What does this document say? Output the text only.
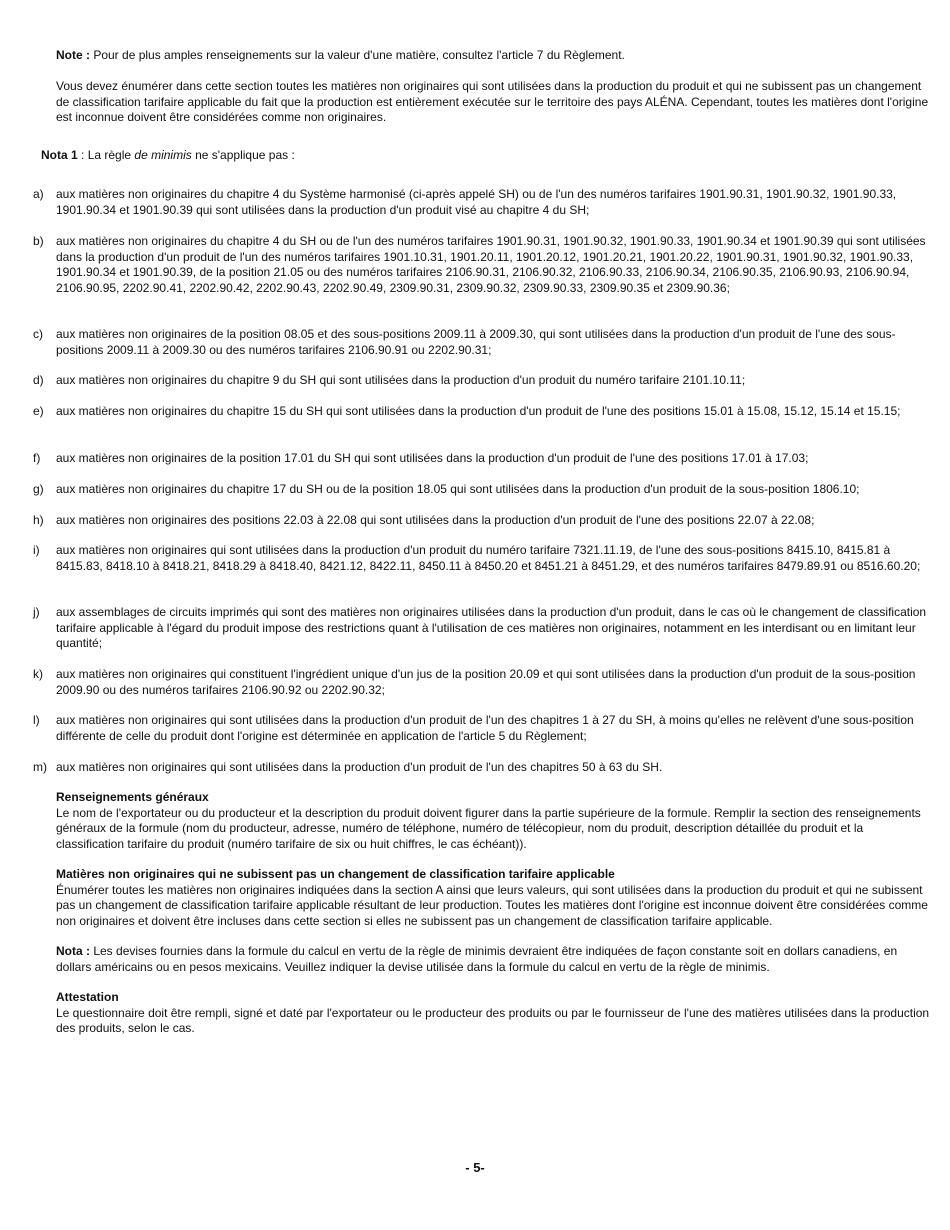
Note : Pour de plus amples renseignements sur la valeur d'une matière, consultez l'article 7 du Règlement.

Vous devez énumérer dans cette section toutes les matières non originaires qui sont utilisées dans la production du produit et qui ne subissent pas un changement de classification tarifaire applicable du fait que la production est entièrement exécutée sur le territoire des pays ALÉNA. Cependant, toutes les matières dont l'origine est inconnue doivent être considérées comme non originaires.

Nota 1 : La règle de minimis ne s'applique pas :

a) aux matières non originaires du chapitre 4 du Système harmonisé (ci-après appelé SH) ou de l'un des numéros tarifaires 1901.90.31, 1901.90.32, 1901.90.33, 1901.90.34 et 1901.90.39 qui sont utilisées dans la production d'un produit visé au chapitre 4 du SH;
b) aux matières non originaires du chapitre 4 du SH ou de l'un des numéros tarifaires 1901.90.31, 1901.90.32, 1901.90.33, 1901.90.34 et 1901.90.39 qui sont utilisées dans la production d'un produit de l'un des numéros tarifaires 1901.10.31, 1901.20.11, 1901.20.12, 1901.20.21, 1901.20.22, 1901.90.31, 1901.90.32, 1901.90.33, 1901.90.34 et 1901.90.39, de la position 21.05 ou des numéros tarifaires 2106.90.31, 2106.90.32, 2106.90.33, 2106.90.34, 2106.90.35, 2106.90.93, 2106.90.94, 2106.90.95, 2202.90.41, 2202.90.42, 2202.90.43, 2202.90.49, 2309.90.31, 2309.90.32, 2309.90.33, 2309.90.35 et 2309.90.36;
c) aux matières non originaires de la position 08.05 et des sous-positions 2009.11 à 2009.30, qui sont utilisées dans la production d'un produit de l'une des sous-positions 2009.11 à 2009.30 ou des numéros tarifaires 2106.90.91 ou 2202.90.31;
d) aux matières non originaires du chapitre 9 du SH qui sont utilisées dans la production d'un produit du numéro tarifaire 2101.10.11;
e) aux matières non originaires du chapitre 15 du SH qui sont utilisées dans la production d'un produit de l'une des positions 15.01 à 15.08, 15.12, 15.14 et 15.15;
f) aux matières non originaires de la position 17.01 du SH qui sont utilisées dans la production d'un produit de l'une des positions 17.01 à 17.03;
g) aux matières non originaires du chapitre 17 du SH ou de la position 18.05 qui sont utilisées dans la production d'un produit de la sous-position 1806.10;
h) aux matières non originaires des positions 22.03 à 22.08 qui sont utilisées dans la production d'un produit de l'une des positions 22.07 à 22.08;
i) aux matières non originaires qui sont utilisées dans la production d'un produit du numéro tarifaire 7321.11.19, de l'une des sous-positions 8415.10, 8415.81 à 8415.83, 8418.10 à 8418.21, 8418.29 à 8418.40, 8421.12, 8422.11, 8450.11 à 8450.20 et 8451.21 à 8451.29, et des numéros tarifaires 8479.89.91 ou 8516.60.20;
j) aux assemblages de circuits imprimés qui sont des matières non originaires utilisées dans la production d'un produit, dans le cas où le changement de classification tarifaire applicable à l'égard du produit impose des restrictions quant à l'utilisation de ces matières non originaires, notamment en les interdisant ou en limitant leur quantité;
k) aux matières non originaires qui constituent l'ingrédient unique d'un jus de la position 20.09 et qui sont utilisées dans la production d'un produit de la sous-position 2009.90 ou des numéros tarifaires 2106.90.92 ou 2202.90.32;
l) aux matières non originaires qui sont utilisées dans la production d'un produit de l'un des chapitres 1 à 27 du SH, à moins qu'elles ne relèvent d'une sous-position différente de celle du produit dont l'origine est déterminée en application de l'article 5 du Règlement;
m) aux matières non originaires qui sont utilisées dans la production d'un produit de l'un des chapitres 50 à 63 du SH.
Renseignements généraux
Le nom de l'exportateur ou du producteur et la description du produit doivent figurer dans la partie supérieure de la formule. Remplir la section des renseignements généraux de la formule (nom du producteur, adresse, numéro de téléphone, numéro de télécopieur, nom du produit, description détaillée du produit et la classification tarifaire du produit (numéro tarifaire de six ou huit chiffres, le cas échéant)).
Matières non originaires qui ne subissent pas un changement de classification tarifaire applicable
Énumérer toutes les matières non originaires indiquées dans la section A ainsi que leurs valeurs, qui sont utilisées dans la production du produit et qui ne subissent pas un changement de classification tarifaire applicable résultant de leur production. Toutes les matières dont l'origine est inconnue doivent être considérées comme non originaires et doivent être incluses dans cette section si elles ne subissent pas un changement de classification tarifaire applicable.

Nota : Les devises fournies dans la formule du calcul en vertu de la règle de minimis devraient être indiquées de façon constante soit en dollars canadiens, en dollars américains ou en pesos mexicains. Veuillez indiquer la devise utilisée dans la formule du calcul en vertu de la règle de minimis.

Attestation
Le questionnaire doit être rempli, signé et daté par l'exportateur ou le producteur des produits ou par le fournisseur de l'une des matières utilisées dans la production des produits, selon le cas.
- 5-
